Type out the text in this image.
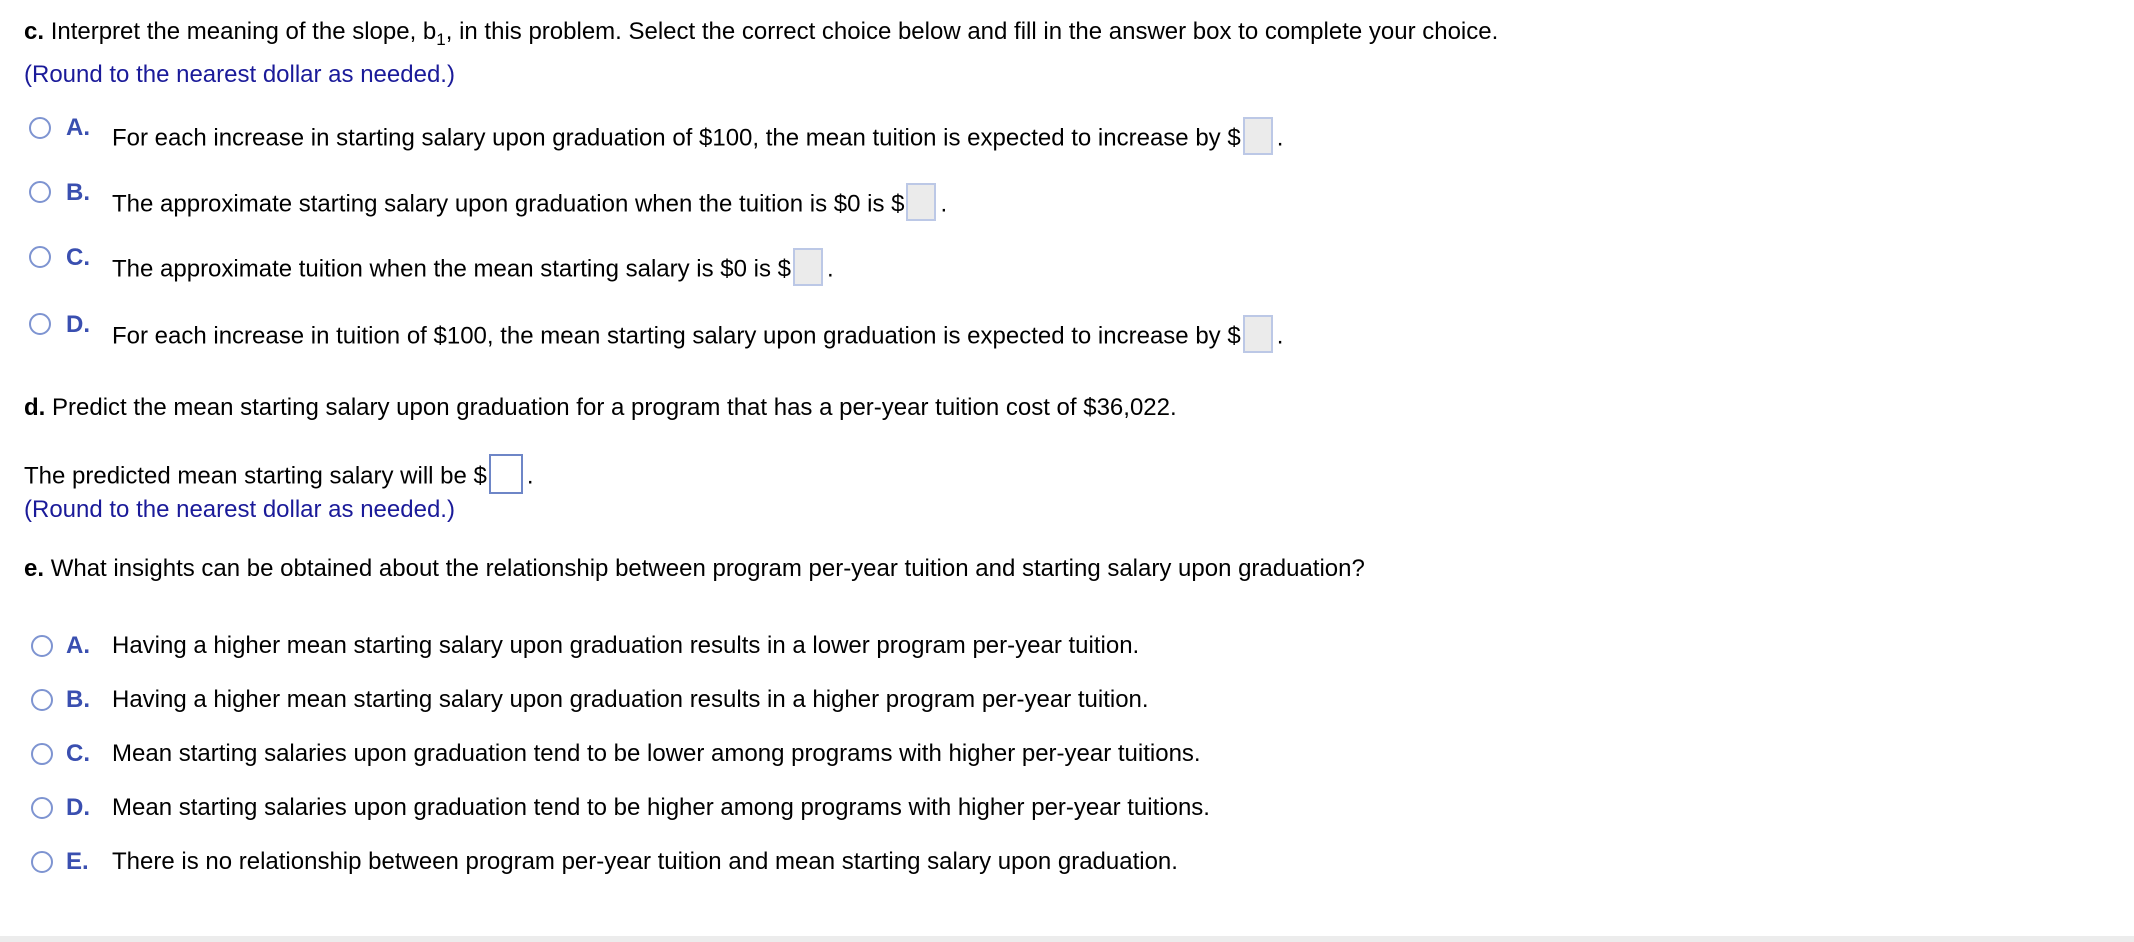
c. Interpret the meaning of the slope, $b_1$, in this problem. Select the correct choice below and fill in the answer box to complete your choice.
(Round to the nearest dollar as needed.)
A. For each increase in starting salary upon graduation of $100, the mean tuition is expected to increase by $ .
B. The approximate starting salary upon graduation when the tuition is $0 is $ .
C. The approximate tuition when the mean starting salary is $0 is $ .
D. For each increase in tuition of $100, the mean starting salary upon graduation is expected to increase by $ .
d. Predict the mean starting salary upon graduation for a program that has a per-year tuition cost of $36,022.
The predicted mean starting salary will be $ .
(Round to the nearest dollar as needed.)
e. What insights can be obtained about the relationship between program per-year tuition and starting salary upon graduation?
A. Having a higher mean starting salary upon graduation results in a lower program per-year tuition.
B. Having a higher mean starting salary upon graduation results in a higher program per-year tuition.
C. Mean starting salaries upon graduation tend to be lower among programs with higher per-year tuitions.
D. Mean starting salaries upon graduation tend to be higher among programs with higher per-year tuitions.
E. There is no relationship between program per-year tuition and mean starting salary upon graduation.
